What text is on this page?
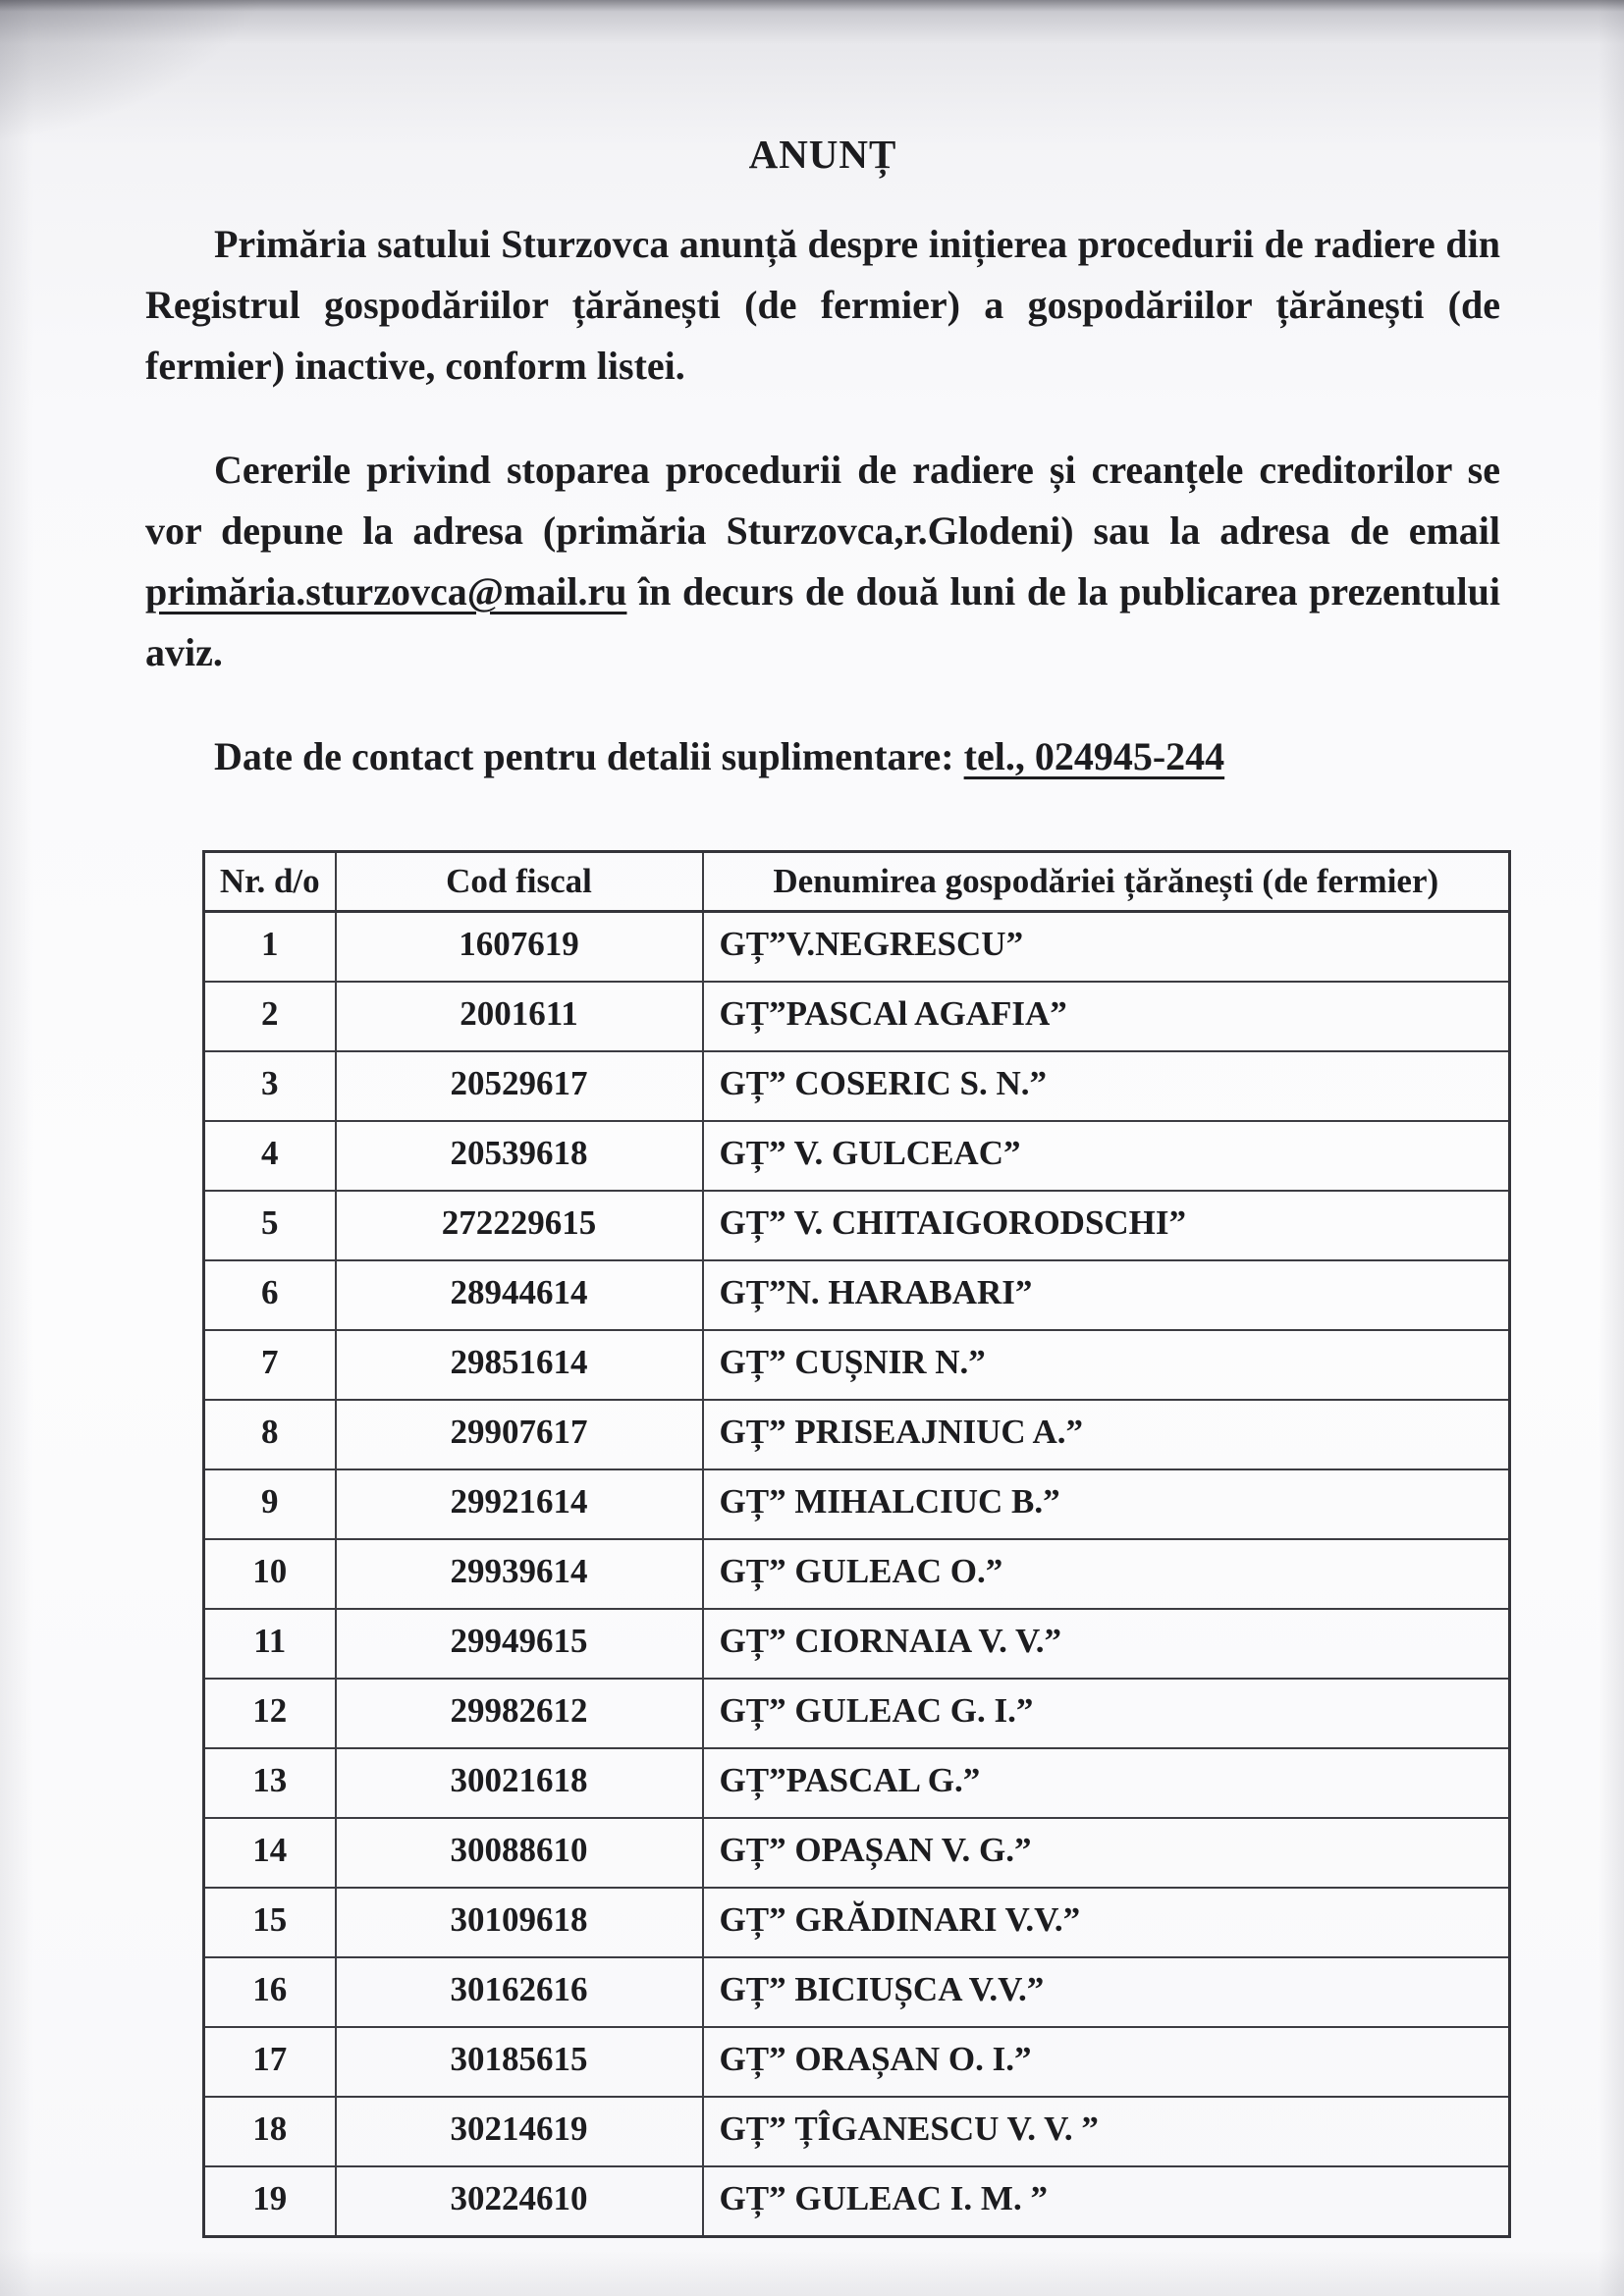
ANUNȚ

Primăria satului Sturzovca anunță despre inițierea procedurii de radiere din Registrul gospodăriilor țărănești (de fermier) a gospodăriilor țărănești (de fermier) inactive, conform listei.

Cererile privind stoparea procedurii de radiere și creanțele creditorilor se vor depune la adresa (primăria Sturzovca,r.Glodeni) sau la adresa de email primăria.sturzovca@mail.ru în decurs de două luni de la publicarea prezentului aviz.

Date de contact pentru detalii suplimentare: tel., 024945-244

Nr. d/o	Cod fiscal	Denumirea gospodăriei țărănești (de fermier)
1	1607619	GȚ”V.NEGRESCU”
2	2001611	GȚ”PASCAl AGAFIA”
3	20529617	GȚ” COSERIC S. N.”
4	20539618	GȚ” V. GULCEAC”
5	272229615	GȚ” V. CHITAIGORODSCHI”
6	28944614	GȚ”N. HARABARI”
7	29851614	GȚ” CUȘNIR N.”
8	29907617	GȚ” PRISEAJNIUC A.”
9	29921614	GȚ” MIHALCIUC B.”
10	29939614	GȚ” GULEAC O.”
11	29949615	GȚ” CIORNAIA V. V.”
12	29982612	GȚ” GULEAC G. I.”
13	30021618	GȚ”PASCAL G.”
14	30088610	GȚ” OPAȘAN V. G.”
15	30109618	GȚ” GRĂDINARI V.V.”
16	30162616	GȚ” BICIUȘCA V.V.”
17	30185615	GȚ” ORAȘAN O. I.”
18	30214619	GȚ” ȚÎGANESCU V. V. ”
19	30224610	GȚ” GULEAC I. M. ”
